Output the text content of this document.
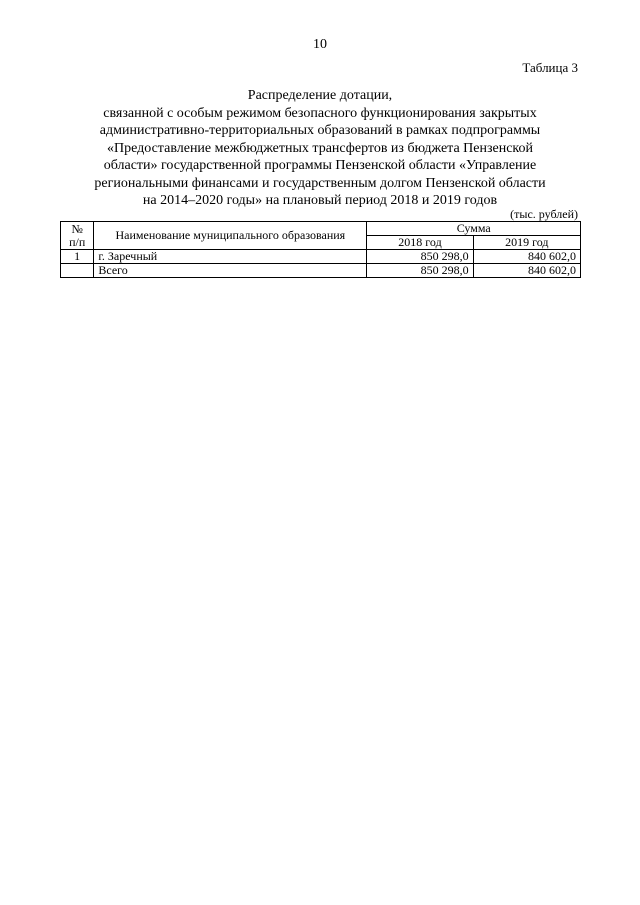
10
Таблица 3
Распределение дотации,
связанной с особым режимом безопасного функционирования закрытых
административно-территориальных образований в рамках подпрограммы
«Предоставление межбюджетных трансфертов из бюджета Пензенской
области» государственной программы Пензенской области «Управление
региональными финансами и государственным долгом Пензенской области
на 2014–2020 годы» на плановый период 2018 и 2019 годов
(тыс. рублей)
№
п/п	Наименование муниципального образования	Сумма	
		2018 год	2019 год
1	г. Заречный	850 298,0	840 602,0
	Всего	850 298,0	840 602,0
